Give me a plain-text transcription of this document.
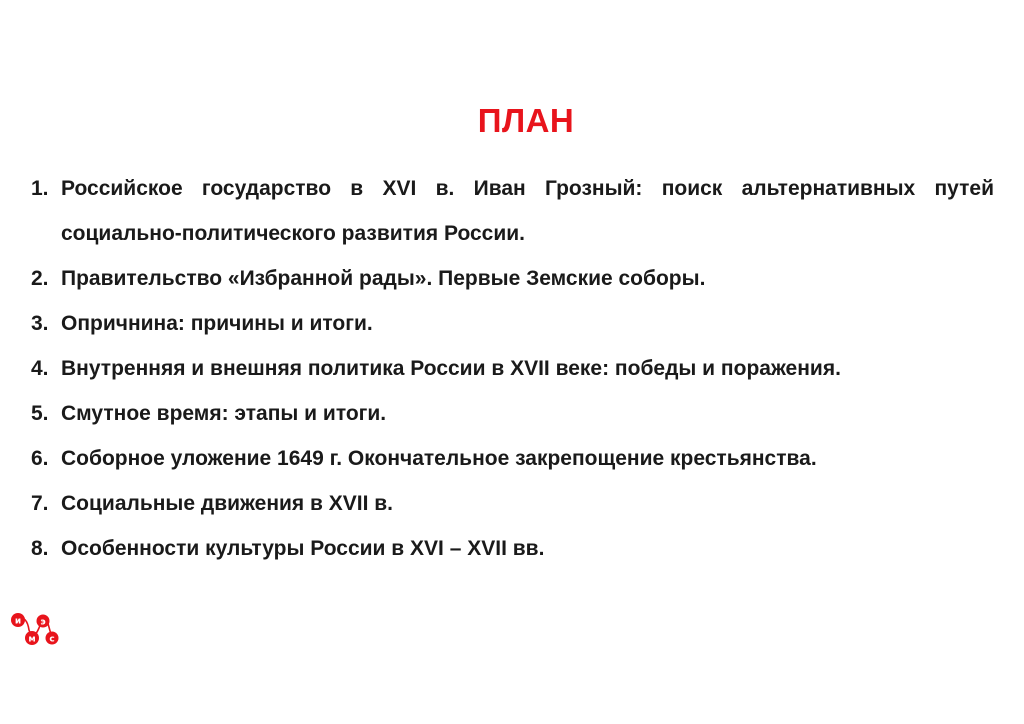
ПЛАН
1. Российское государство в XVI в. Иван Грозный: поиск альтернативных путей социально-политического развития России.
2. Правительство «Избранной рады». Первые Земские соборы.
3. Опричнина: причины и итоги.
4. Внутренняя и внешняя политика России в XVII веке: победы и поражения.
5. Смутное время: этапы и итоги.
6. Соборное уложение 1649 г. Окончательное закрепощение крестьянства.
7. Социальные движения в XVII в.
8. Особенности культуры России в XVI – XVII вв.
и
м
э
с
